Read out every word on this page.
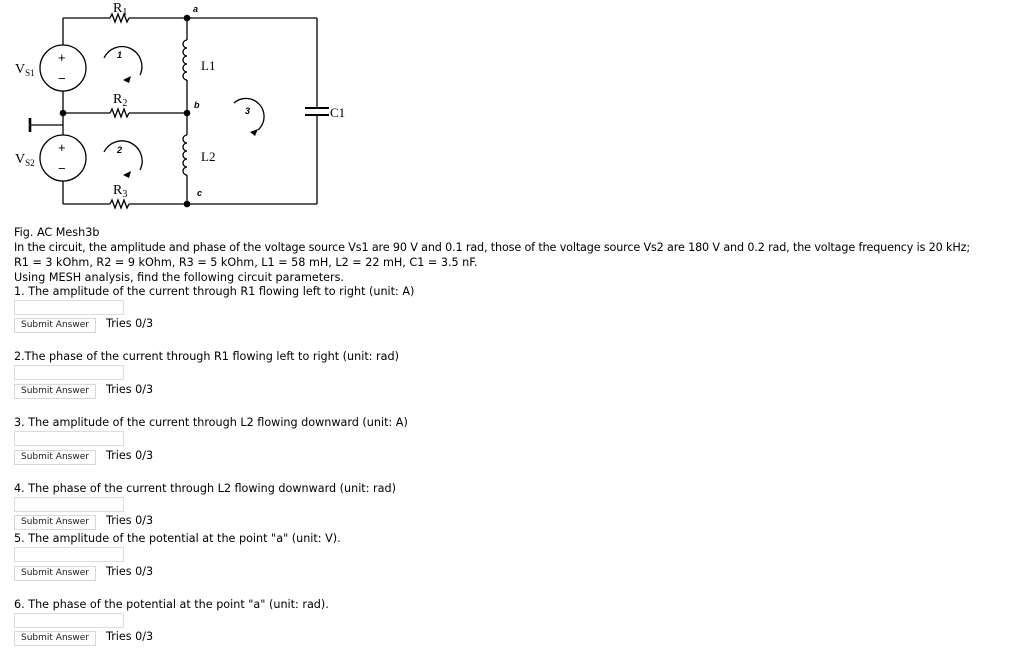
$R_1$
$R_2$
$R_3$
$V_{S1}$
$V_{S2}$
L1
L2
C1
a
b
c
1
2
3
+
−
+
−
Fig. AC Mesh3b
In the circuit, the amplitude and phase of the voltage source Vs1 are 90 V and 0.1 rad, those of the voltage source Vs2 are 180 V and 0.2 rad, the voltage frequency is 20 kHz;
R1 = 3 kOhm, R2 = 9 kOhm, R3 = 5 kOhm, L1 = 58 mH, L2 = 22 mH, C1 = 3.5 nF.
Using MESH analysis, find the following circuit parameters.
1. The amplitude of the current through R1 flowing left to right (unit: A)
Submit Answer	Tries 0/3
2.The phase of the current through R1 flowing left to right (unit: rad)
Submit Answer	Tries 0/3
3. The amplitude of the current through L2 flowing downward (unit: A)
Submit Answer	Tries 0/3
4. The phase of the current through L2 flowing downward (unit: rad)
Submit Answer	Tries 0/3
5. The amplitude of the potential at the point "a" (unit: V).
Submit Answer	Tries 0/3
6. The phase of the potential at the point "a" (unit: rad).
Submit Answer	Tries 0/3
